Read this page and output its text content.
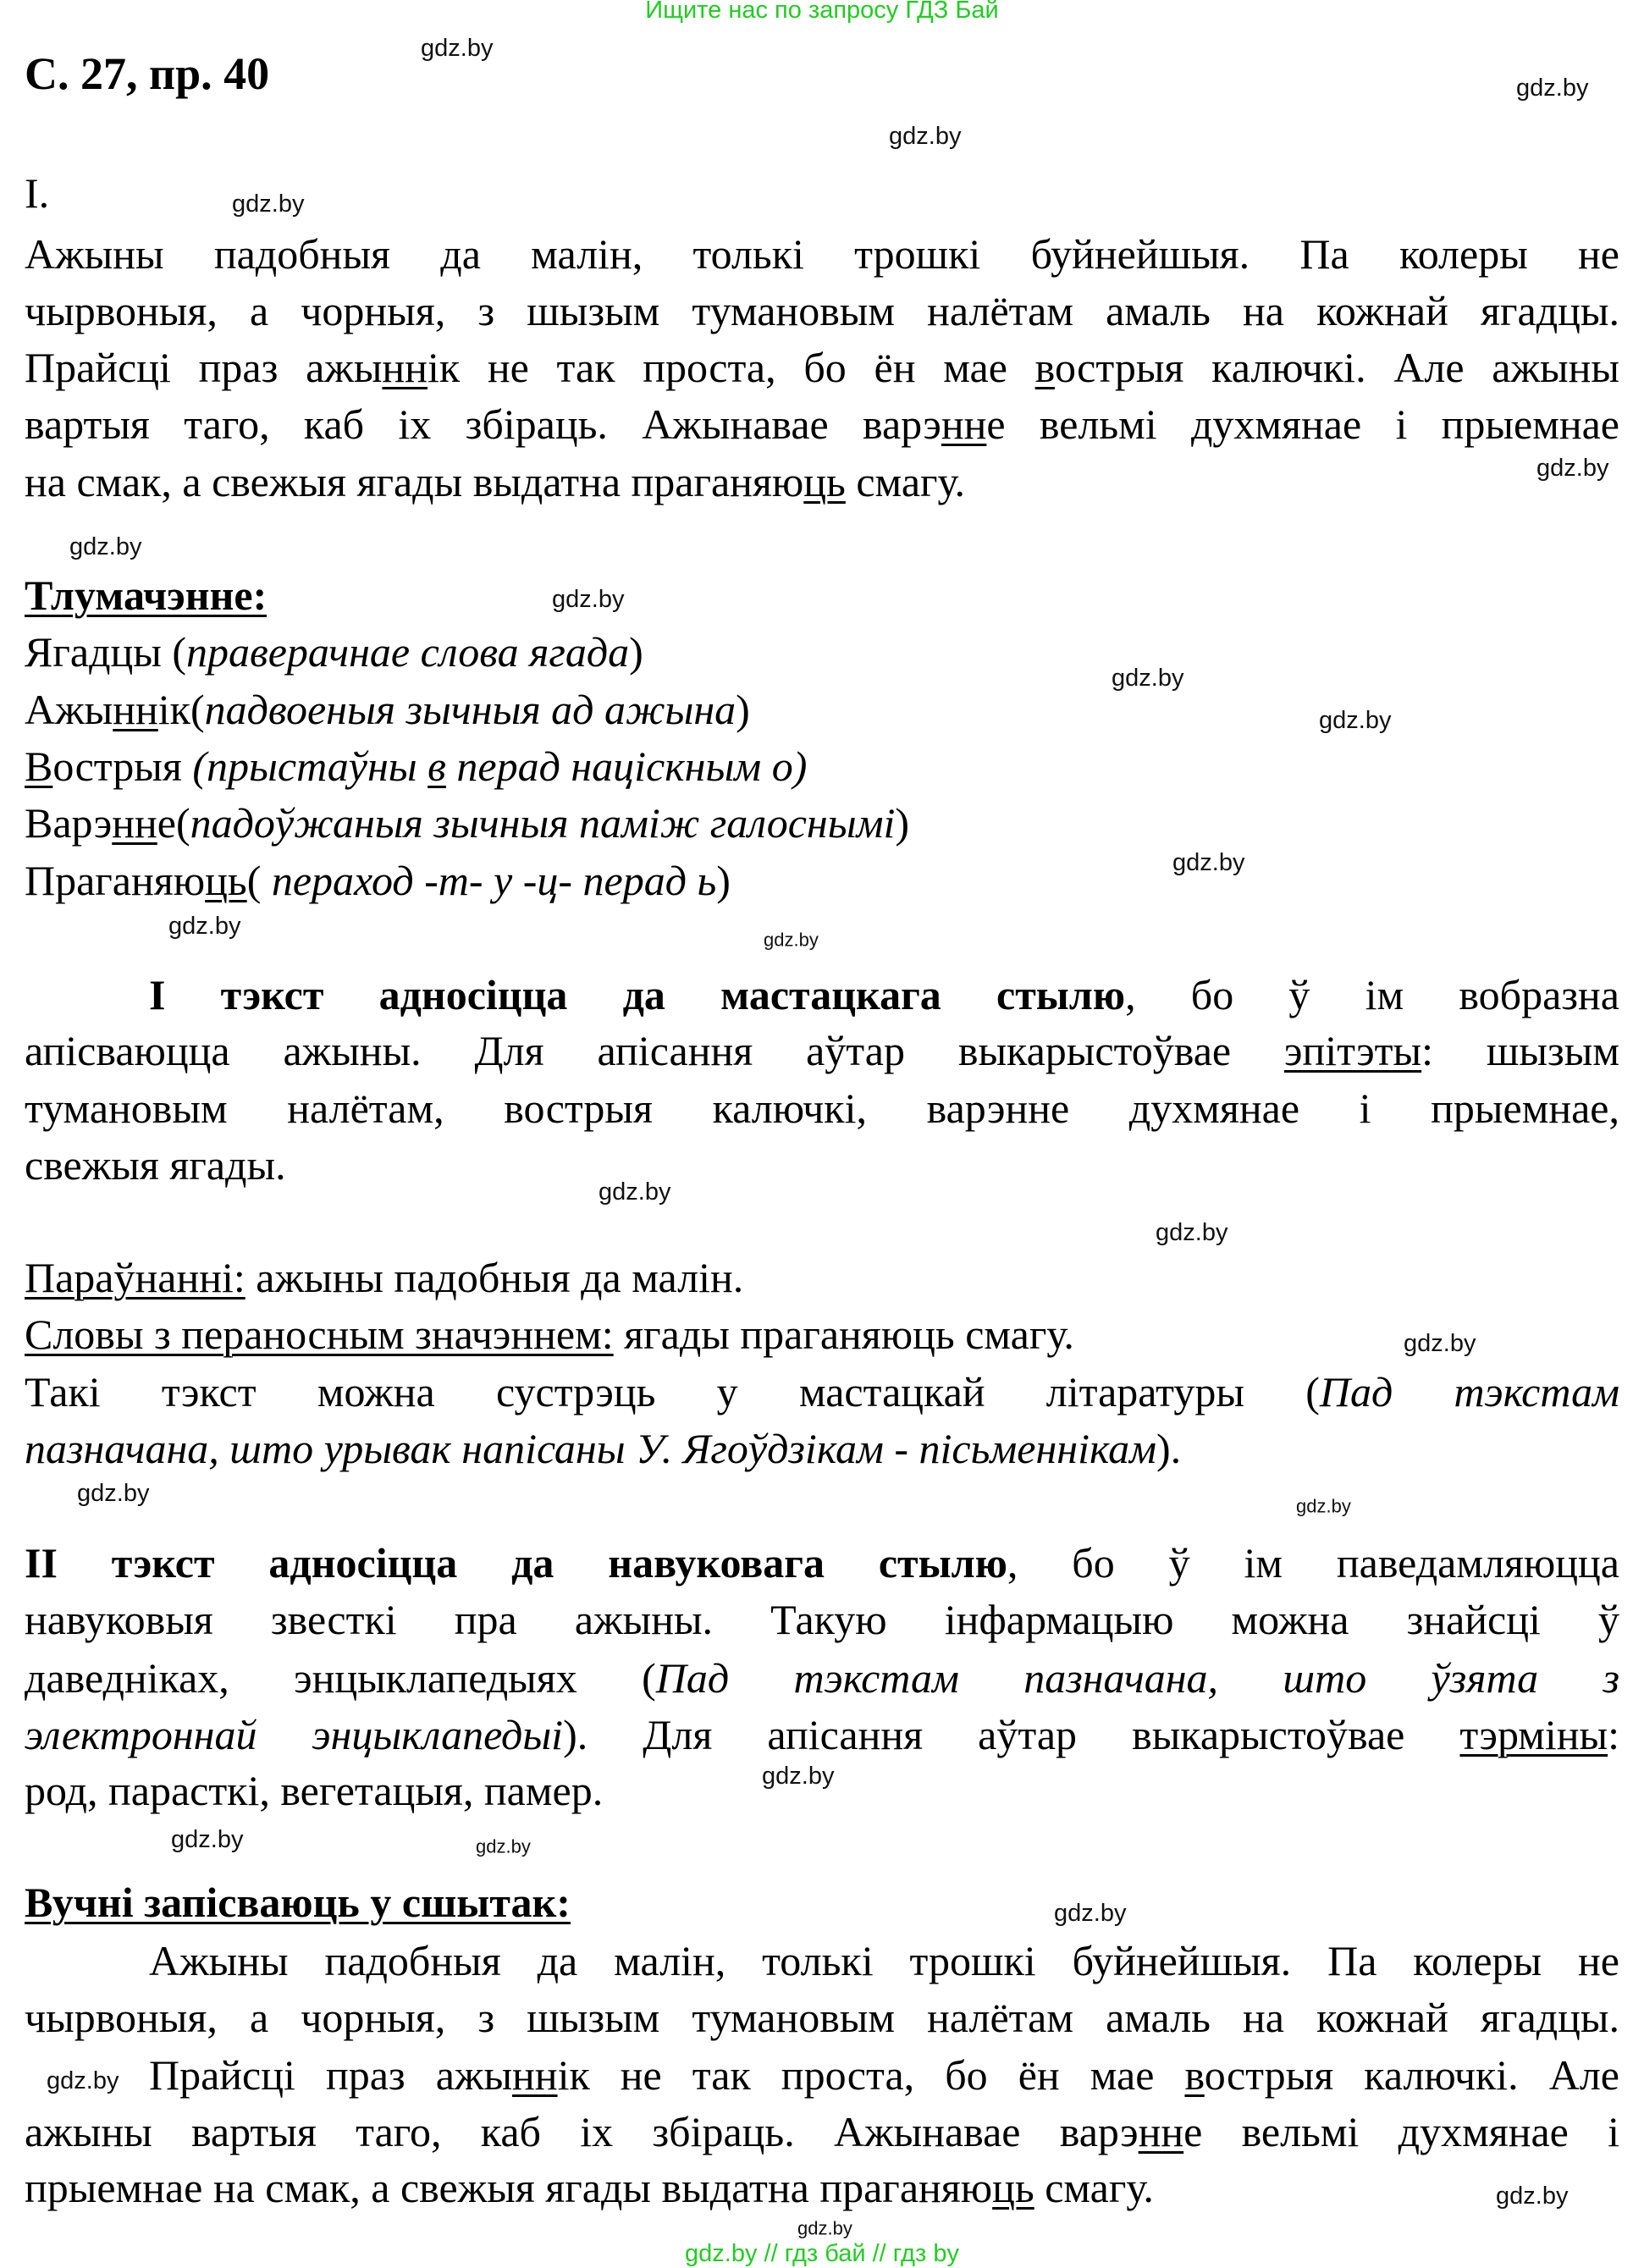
Ищите нас по запросу ГДЗ Бай
С. 27, пр. 40
I.
Ажыны падобныя да малін, толькі трошкі буйнейшыя. Па колеры не
чырвоныя, а чорныя, з шызым тумановым налётам амаль на кожнай ягадцы.
Прайсці праз ажыннік не так проста, бо ён мае вострыя калючкі. Але ажыны
вартыя таго, каб іх збіраць. Ажынавае варэнне вельмі духмянае і прыемнае
на смак, а свежыя ягады выдатна праганяюць смагу.
Тлумачэнне:
Ягадцы (праверачнае слова ягада)
Ажыннік(падвоеныя зычныя ад ажына)
Вострыя (прыстаўны в перад націскным о)
Варэнне(падоўжаныя зычныя паміж галоснымі)
Праганяюць( пераход -т- у -ц- перад ь)
I тэкст адносіцца да мастацкага стылю, бо ў ім вобразна
апісваюцца ажыны. Для апісання аўтар выкарыстоўвае эпітэты: шызым
тумановым налётам, вострыя калючкі, варэнне духмянае і прыемнае,
свежыя ягады.
Параўнанні: ажыны падобныя да малін.
Словы з пераносным значэннем: ягады праганяюць смагу.
Такі тэкст можна сустрэць у мастацкай літаратуры (Пад тэкстам
пазначана, што урывак напісаны У. Ягоўдзікам - пісьменнікам).
II тэкст адносіцца да навуковага стылю, бо ў ім паведамляюцца
навуковыя звесткі пра ажыны. Такую інфармацыю можна знайсці ў
даведніках, энцыклапедыях (Пад тэкстам пазначана, што ўзята з
электроннай энцыклапедыі). Для апісання аўтар выкарыстоўвае тэрміны:
род, парасткі, вегетацыя, памер.
Вучні запісваюць у сшытак:
Ажыны падобныя да малін, толькі трошкі буйнейшыя. Па колеры не
чырвоныя, а чорныя, з шызым тумановым налётам амаль на кожнай ягадцы.
Прайсці праз ажыннік не так проста, бо ён мае вострыя калючкі. Але
ажыны вартыя таго, каб іх збіраць. Ажынавае варэнне вельмі духмянае і
прыемнае на смак, а свежыя ягады выдатна праганяюць смагу.
gdz.by
gdz.by
gdz.by
gdz.by
gdz.by
gdz.by
gdz.by
gdz.by
gdz.by
gdz.by
gdz.by	gdz.by
gdz.by
gdz.by
gdz.by
gdz.by	gdz.by
gdz.by
gdz.by
gdz.by
gdz.by
gdz.by
gdz.by
gdz.by
gdz.by // гдз бай // гдз by
